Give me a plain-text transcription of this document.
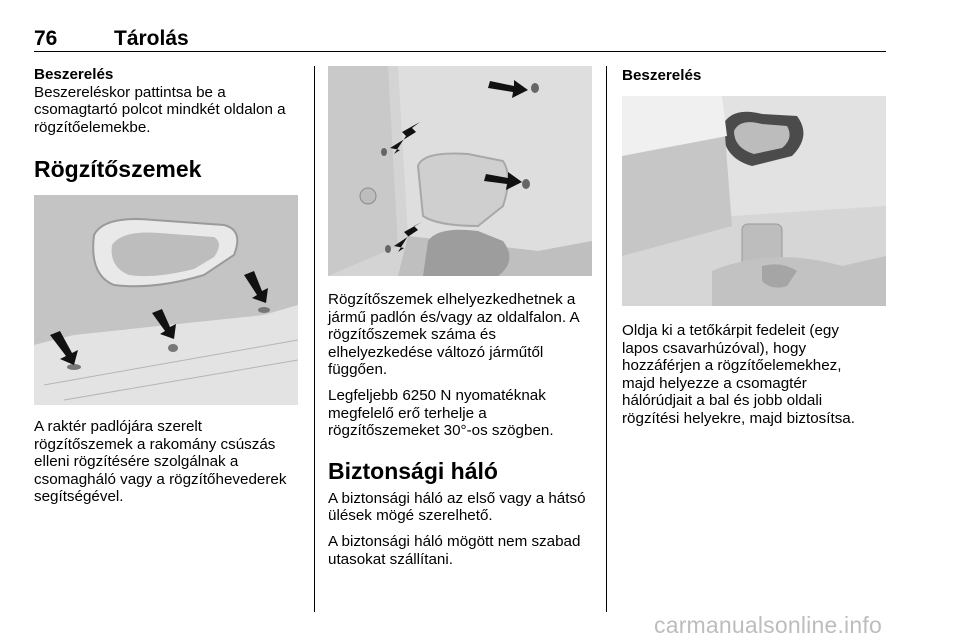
76	Tárolás
Beszerelés

Beszereléskor pattintsa be a

csomagtartó polcot mindkét oldalon a

rögzítőelemekbe.

Rögzítőszemek

A raktér padlójára szerelt

rögzítőszemek a rakomány csúszás

elleni rögzítésére szolgálnak a

csomagháló vagy a rögzítőhevederek

segítségével.

Rögzítőszemek elhelyezkedhetnek a

jármű padlón és/vagy az oldalfalon. A

rögzítőszemek száma és

elhelyezkedése változó járműtől

függően.

Legfeljebb 6250 N nyomatéknak

megfelelő erő terhelje a

rögzítőszemeket 30°-os szögben.

Biztonsági háló

A biztonsági háló az első vagy a hátsó

ülések mögé szerelhető.

A biztonsági háló mögött nem szabad

utasokat szállítani.

Beszerelés

Oldja ki a tetőkárpit fedeleit (egy

lapos csavarhúzóval), hogy

hozzáférjen a rögzítőelemekhez,

majd helyezze a csomagtér

hálórúdjait a bal és jobb oldali

rögzítési helyekre, majd biztosítsa.

carmanualsonline.info
